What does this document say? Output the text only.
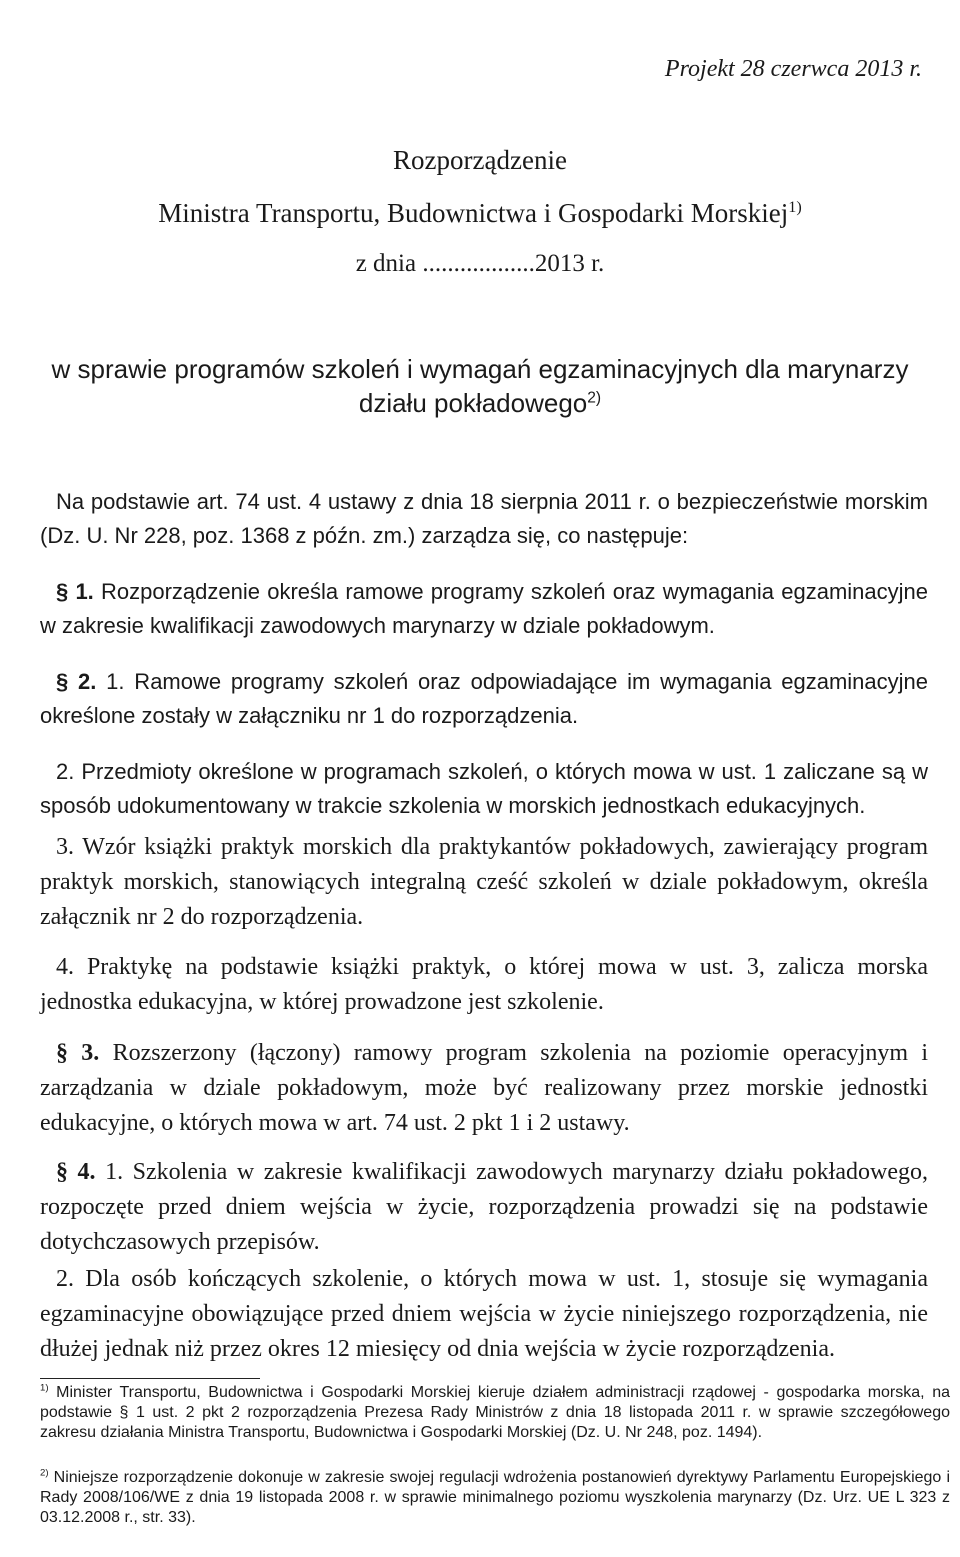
Projekt 28 czerwca 2013 r.
Rozporządzenie
Ministra Transportu, Budownictwa i Gospodarki Morskiej$^{1)}$
z dnia ..................2013 r.
w sprawie programów szkoleń i wymagań egzaminacyjnych dla marynarzy działu pokładowego$^{2)}$
Na podstawie art. 74 ust. 4 ustawy z dnia 18 sierpnia 2011 r. o bezpieczeństwie morskim (Dz. U. Nr 228, poz. 1368 z późn. zm.) zarządza się, co następuje:
§ 1. Rozporządzenie określa ramowe programy szkoleń oraz wymagania egzaminacyjne w zakresie kwalifikacji zawodowych marynarzy w dziale pokładowym.
§ 2. 1. Ramowe programy szkoleń oraz odpowiadające im wymagania egzaminacyjne określone zostały w załączniku nr 1 do rozporządzenia.
2. Przedmioty określone w programach szkoleń, o których mowa w ust. 1 zaliczane są w sposób udokumentowany w trakcie szkolenia w morskich jednostkach edukacyjnych.
3. Wzór książki praktyk morskich dla praktykantów pokładowych, zawierający program praktyk morskich, stanowiących integralną cześć szkoleń w dziale pokładowym, określa załącznik nr 2 do rozporządzenia.
4. Praktykę na podstawie książki praktyk, o której mowa w ust. 3, zalicza morska jednostka edukacyjna, w której prowadzone jest szkolenie.
§ 3. Rozszerzony (łączony) ramowy program szkolenia na poziomie operacyjnym i zarządzania w dziale pokładowym, może być realizowany przez morskie jednostki edukacyjne, o których mowa w art. 74 ust. 2 pkt 1 i 2 ustawy.
§ 4. 1. Szkolenia w zakresie kwalifikacji zawodowych marynarzy działu pokładowego, rozpoczęte przed dniem wejścia w życie, rozporządzenia prowadzi się na podstawie dotychczasowych przepisów.
2. Dla osób kończących szkolenie, o których mowa w ust. 1, stosuje się wymagania egzaminacyjne obowiązujące przed dniem wejścia w życie niniejszego rozporządzenia, nie dłużej jednak niż przez okres 12 miesięcy od dnia wejścia w życie rozporządzenia.
$^{1)}$ Minister Transportu, Budownictwa i Gospodarki Morskiej kieruje działem administracji rządowej - gospodarka morska, na podstawie § 1 ust. 2 pkt 2 rozporządzenia Prezesa Rady Ministrów z dnia 18 listopada 2011 r. w sprawie szczegółowego zakresu działania Ministra Transportu, Budownictwa i Gospodarki Morskiej (Dz. U. Nr 248, poz. 1494).
$^{2)}$ Niniejsze rozporządzenie dokonuje w zakresie swojej regulacji wdrożenia postanowień dyrektywy Parlamentu Europejskiego i Rady 2008/106/WE z dnia 19 listopada 2008 r. w sprawie minimalnego poziomu wyszkolenia marynarzy (Dz. Urz. UE L 323 z 03.12.2008 r., str. 33).
